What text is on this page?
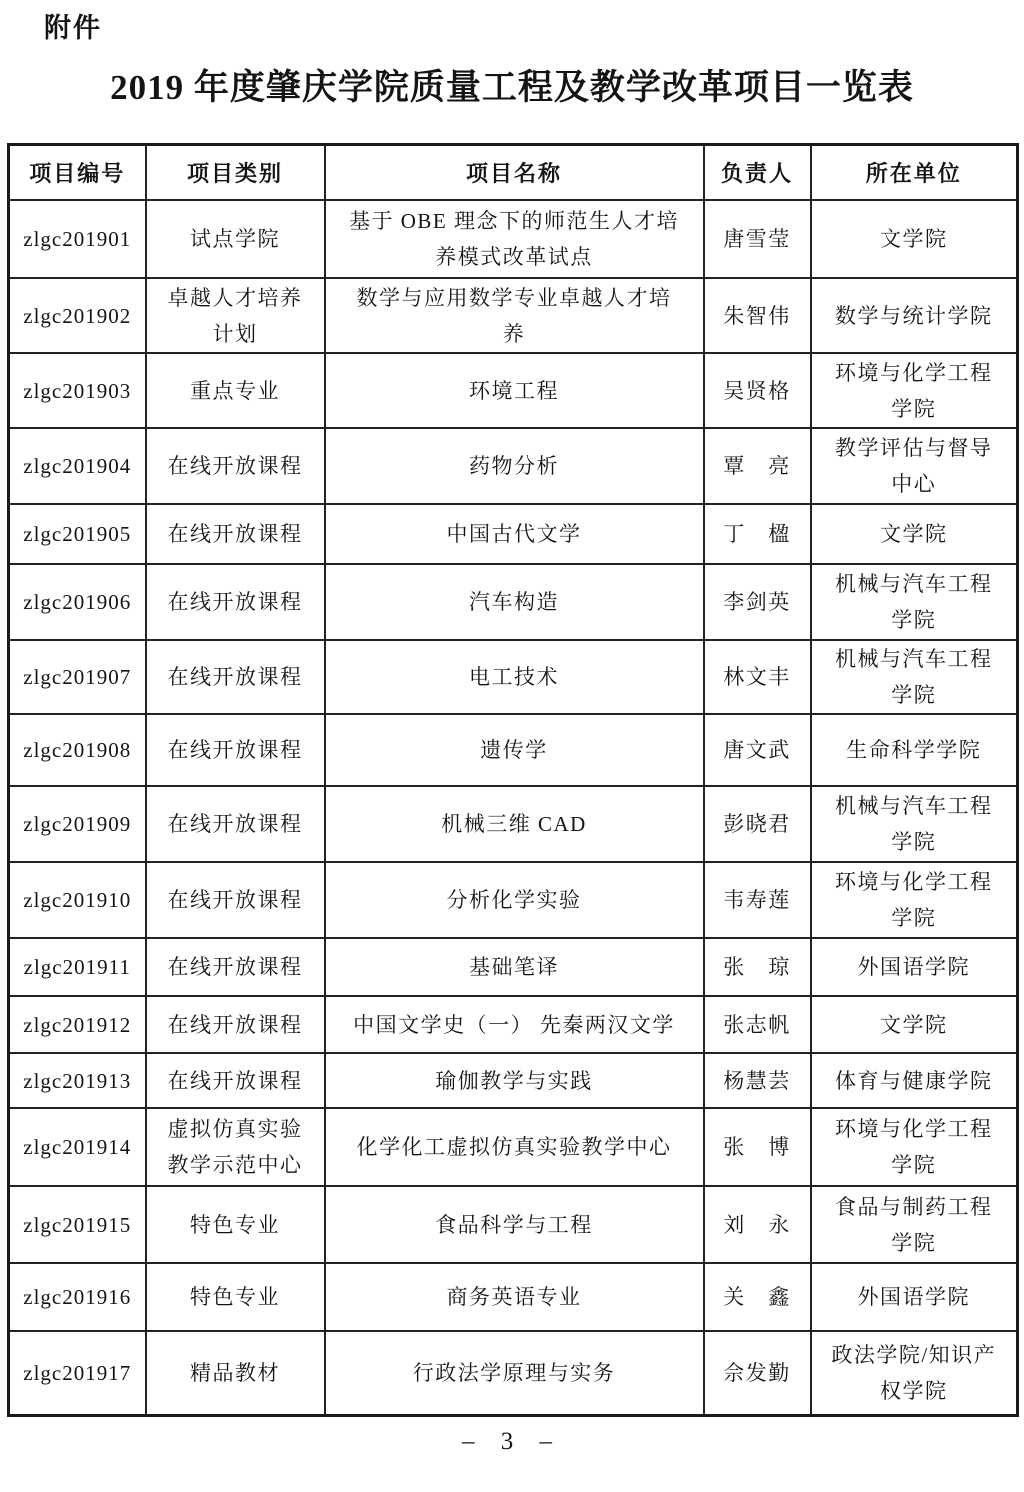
附件
2019 年度肇庆学院质量工程及教学改革项目一览表
项目编号	项目类别	项目名称	负责人	所在单位
zlgc201901	试点学院	基于 OBE 理念下的师范生人才培养模式改革试点	唐雪莹	文学院
zlgc201902	卓越人才培养计划	数学与应用数学专业卓越人才培养	朱智伟	数学与统计学院
zlgc201903	重点专业	环境工程	吴贤格	环境与化学工程学院
zlgc201904	在线开放课程	药物分析	覃　亮	教学评估与督导中心
zlgc201905	在线开放课程	中国古代文学	丁　楹	文学院
zlgc201906	在线开放课程	汽车构造	李剑英	机械与汽车工程学院
zlgc201907	在线开放课程	电工技术	林文丰	机械与汽车工程学院
zlgc201908	在线开放课程	遗传学	唐文武	生命科学学院
zlgc201909	在线开放课程	机械三维 CAD	彭晓君	机械与汽车工程学院
zlgc201910	在线开放课程	分析化学实验	韦寿莲	环境与化学工程学院
zlgc201911	在线开放课程	基础笔译	张　琼	外国语学院
zlgc201912	在线开放课程	中国文学史（一） 先秦两汉文学	张志帆	文学院
zlgc201913	在线开放课程	瑜伽教学与实践	杨慧芸	体育与健康学院
zlgc201914	虚拟仿真实验教学示范中心	化学化工虚拟仿真实验教学中心	张　博	环境与化学工程学院
zlgc201915	特色专业	食品科学与工程	刘　永	食品与制药工程学院
zlgc201916	特色专业	商务英语专业	关　鑫	外国语学院
zlgc201917	精品教材	行政法学原理与实务	佘发勤	政法学院/知识产权学院
– 3 –
